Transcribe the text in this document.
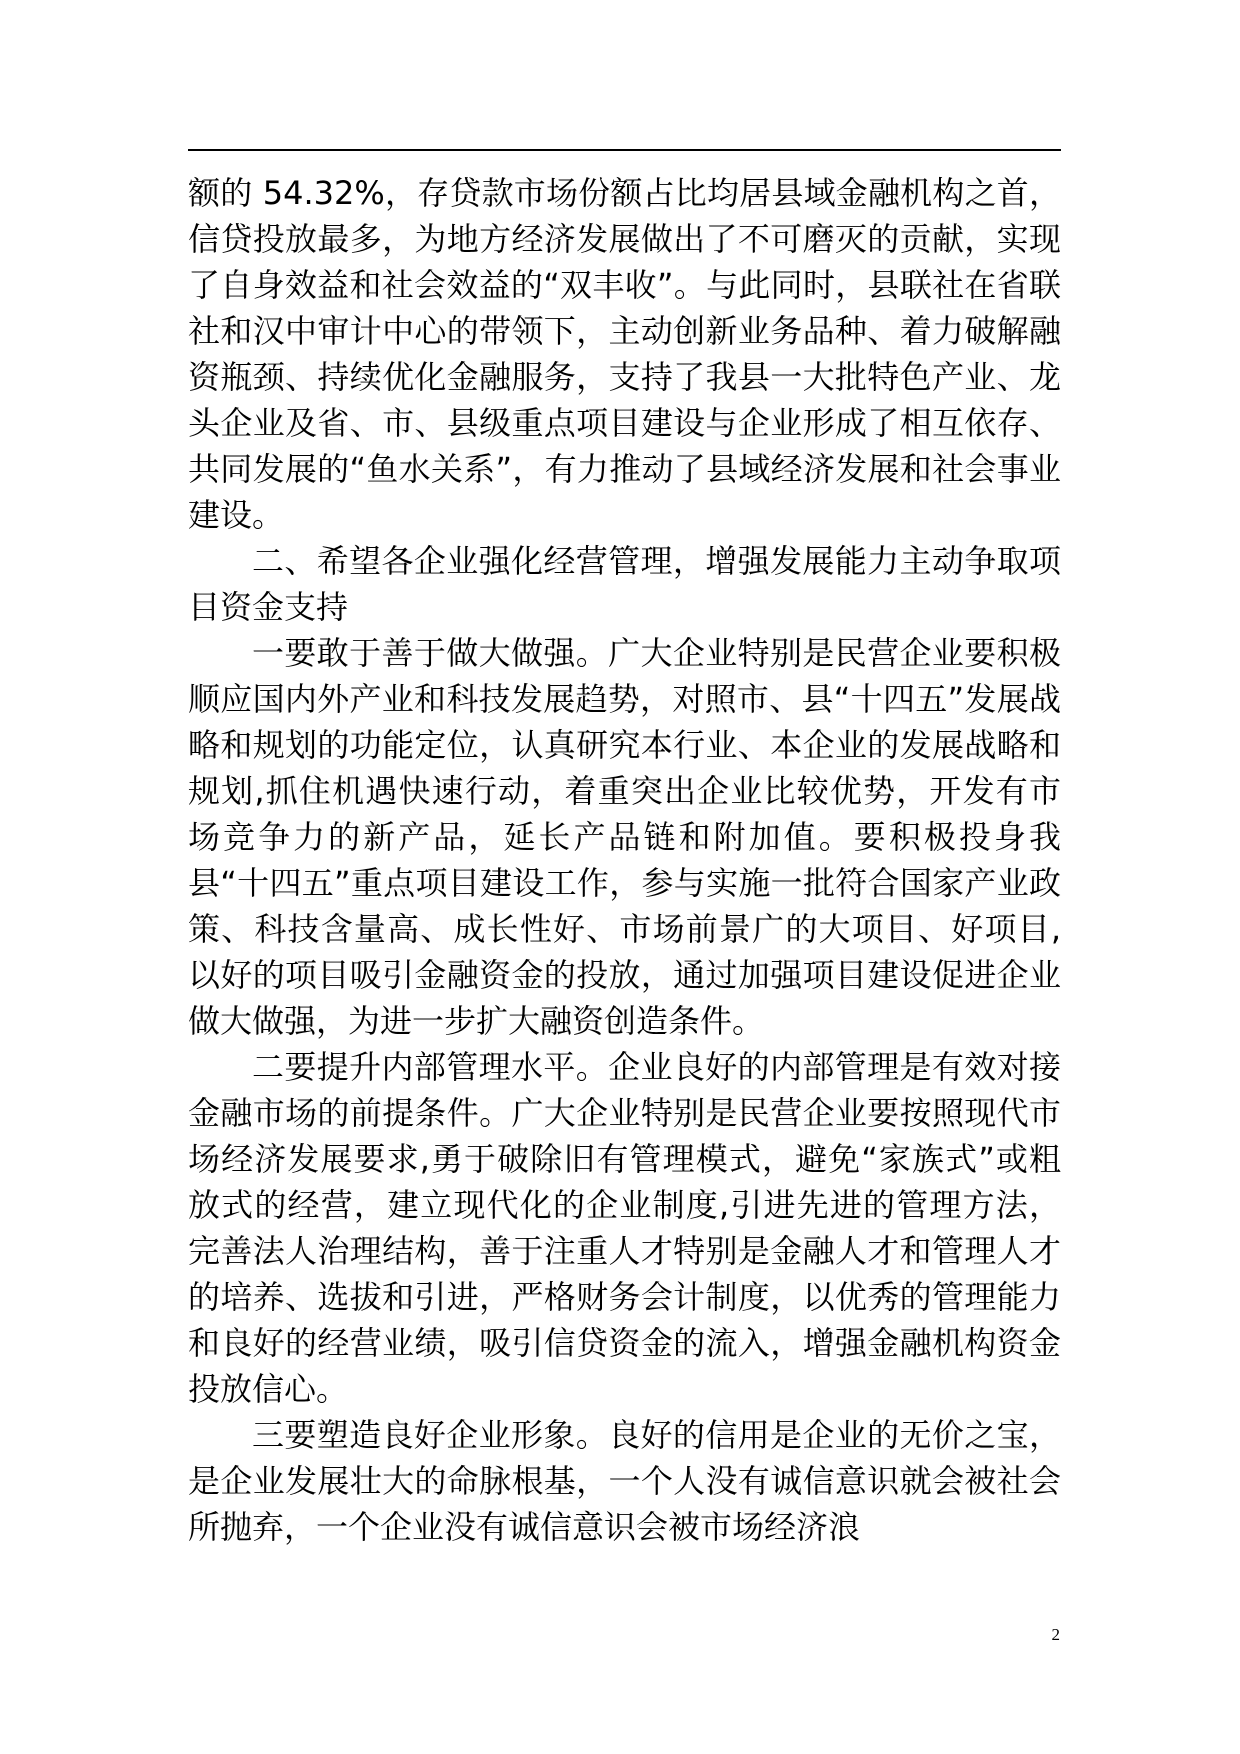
额的 54.32%，存贷款市场份额占比均居县域金融机构之首，信贷投放最多，为地方经济发展做出了不可磨灭的贡献，实现了自身效益和社会效益的“双丰收”。与此同时，县联社在省联社和汉中审计中心的带领下，主动创新业务品种、着力破解融资瓶颈、持续优化金融服务，支持了我县一大批特色产业、龙头企业及省、市、县级重点项目建设与企业形成了相互依存、共同发展的“鱼水关系”，有力推动了县域经济发展和社会事业建设。

二、希望各企业强化经营管理，增强发展能力主动争取项目资金支持

一要敢于善于做大做强。广大企业特别是民营企业要积极顺应国内外产业和科技发展趋势，对照市、县“十四五”发展战略和规划的功能定位，认真研究本行业、本企业的发展战略和规划,抓住机遇快速行动，着重突出企业比较优势，开发有市场竞争力的新产品，延长产品链和附加值。要积极投身我县“十四五”重点项目建设工作，参与实施一批符合国家产业政策、科技含量高、成长性好、市场前景广的大项目、好项目,以好的项目吸引金融资金的投放，通过加强项目建设促进企业做大做强，为进一步扩大融资创造条件。

二要提升内部管理水平。企业良好的内部管理是有效对接金融市场的前提条件。广大企业特别是民营企业要按照现代市场经济发展要求,勇于破除旧有管理模式，避免“家族式”或粗放式的经营，建立现代化的企业制度,引进先进的管理方法，完善法人治理结构，善于注重人才特别是金融人才和管理人才的培养、选拔和引进，严格财务会计制度，以优秀的管理能力和良好的经营业绩，吸引信贷资金的流入，增强金融机构资金投放信心。

三要塑造良好企业形象。良好的信用是企业的无价之宝，是企业发展壮大的命脉根基，一个人没有诚信意识就会被社会所抛弃，一个企业没有诚信意识会被市场经济浪

2
